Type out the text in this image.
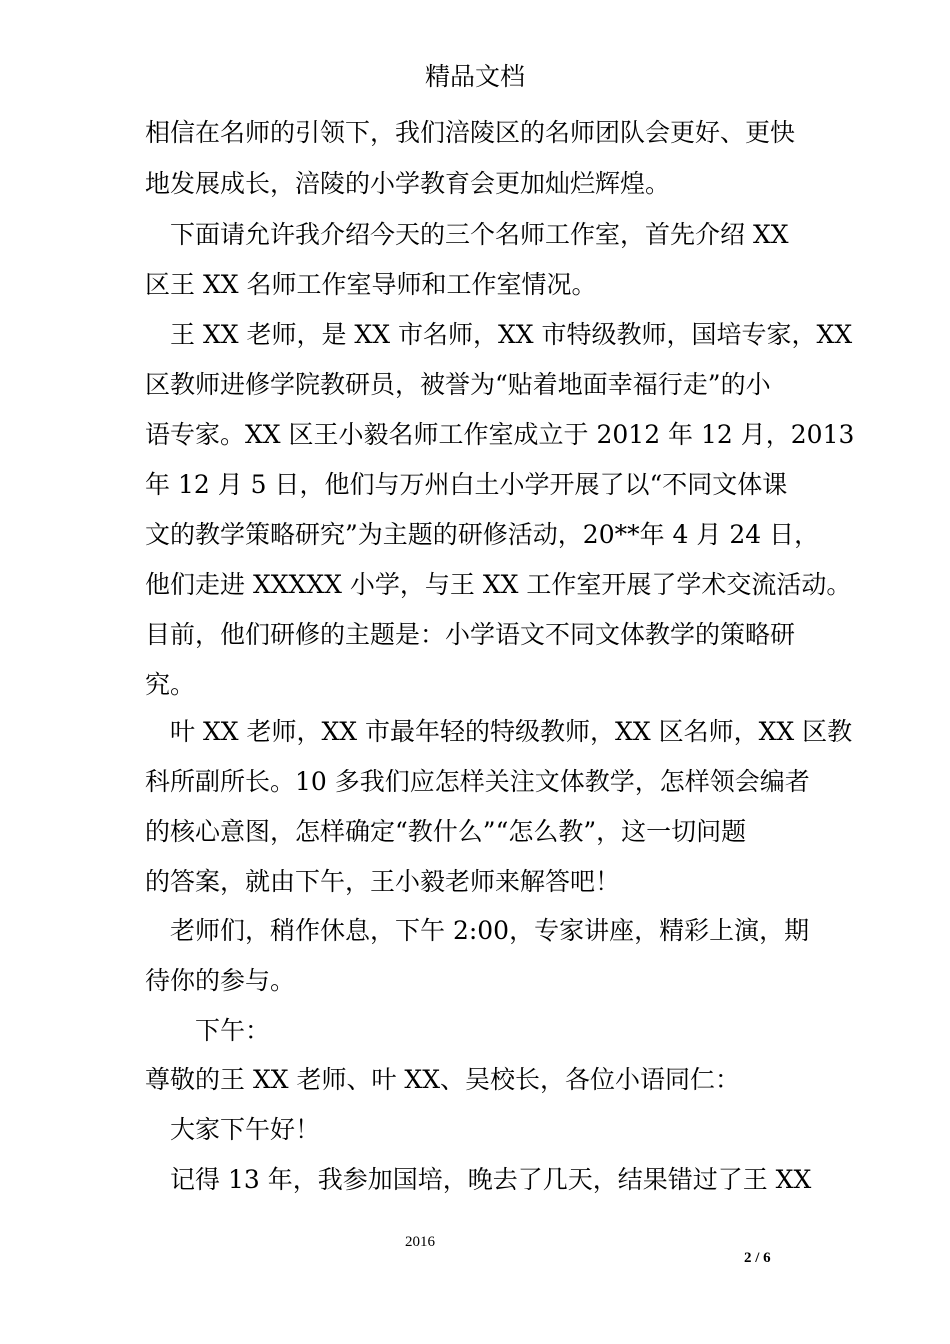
精品文档
相信在名师的引领下，我们涪陵区的名师团队会更好、更快
地发展成长，涪陵的小学教育会更加灿烂辉煌。
下面请允许我介绍今天的三个名师工作室，首先介绍 XX
区王 XX 名师工作室导师和工作室情况。
王 XX 老师，是 XX 市名师，XX 市特级教师，国培专家，XX
区教师进修学院教研员，被誉为“贴着地面幸福行走”的小
语专家。XX 区王小毅名师工作室成立于 2012 年 12 月，2013
年 12 月 5 日，他们与万州白土小学开展了以“不同文体课
文的教学策略研究”为主题的研修活动，20**年 4 月 24 日，
他们走进 XXXXX 小学，与王 XX 工作室开展了学术交流活动。
目前，他们研修的主题是：小学语文不同文体教学的策略研
究。
叶 XX 老师，XX 市最年轻的特级教师，XX 区名师，XX 区教
科所副所长。10 多我们应怎样关注文体教学，怎样领会编者
的核心意图，怎样确定“教什么”“怎么教”，这一切问题
的答案，就由下午，王小毅老师来解答吧！
老师们，稍作休息，下午 2:00，专家讲座，精彩上演，期
待你的参与。
下午：
尊敬的王 XX 老师、叶 XX、吴校长，各位小语同仁：
大家下午好！
记得 13 年，我参加国培，晚去了几天，结果错过了王 XX
2016
2 / 6
